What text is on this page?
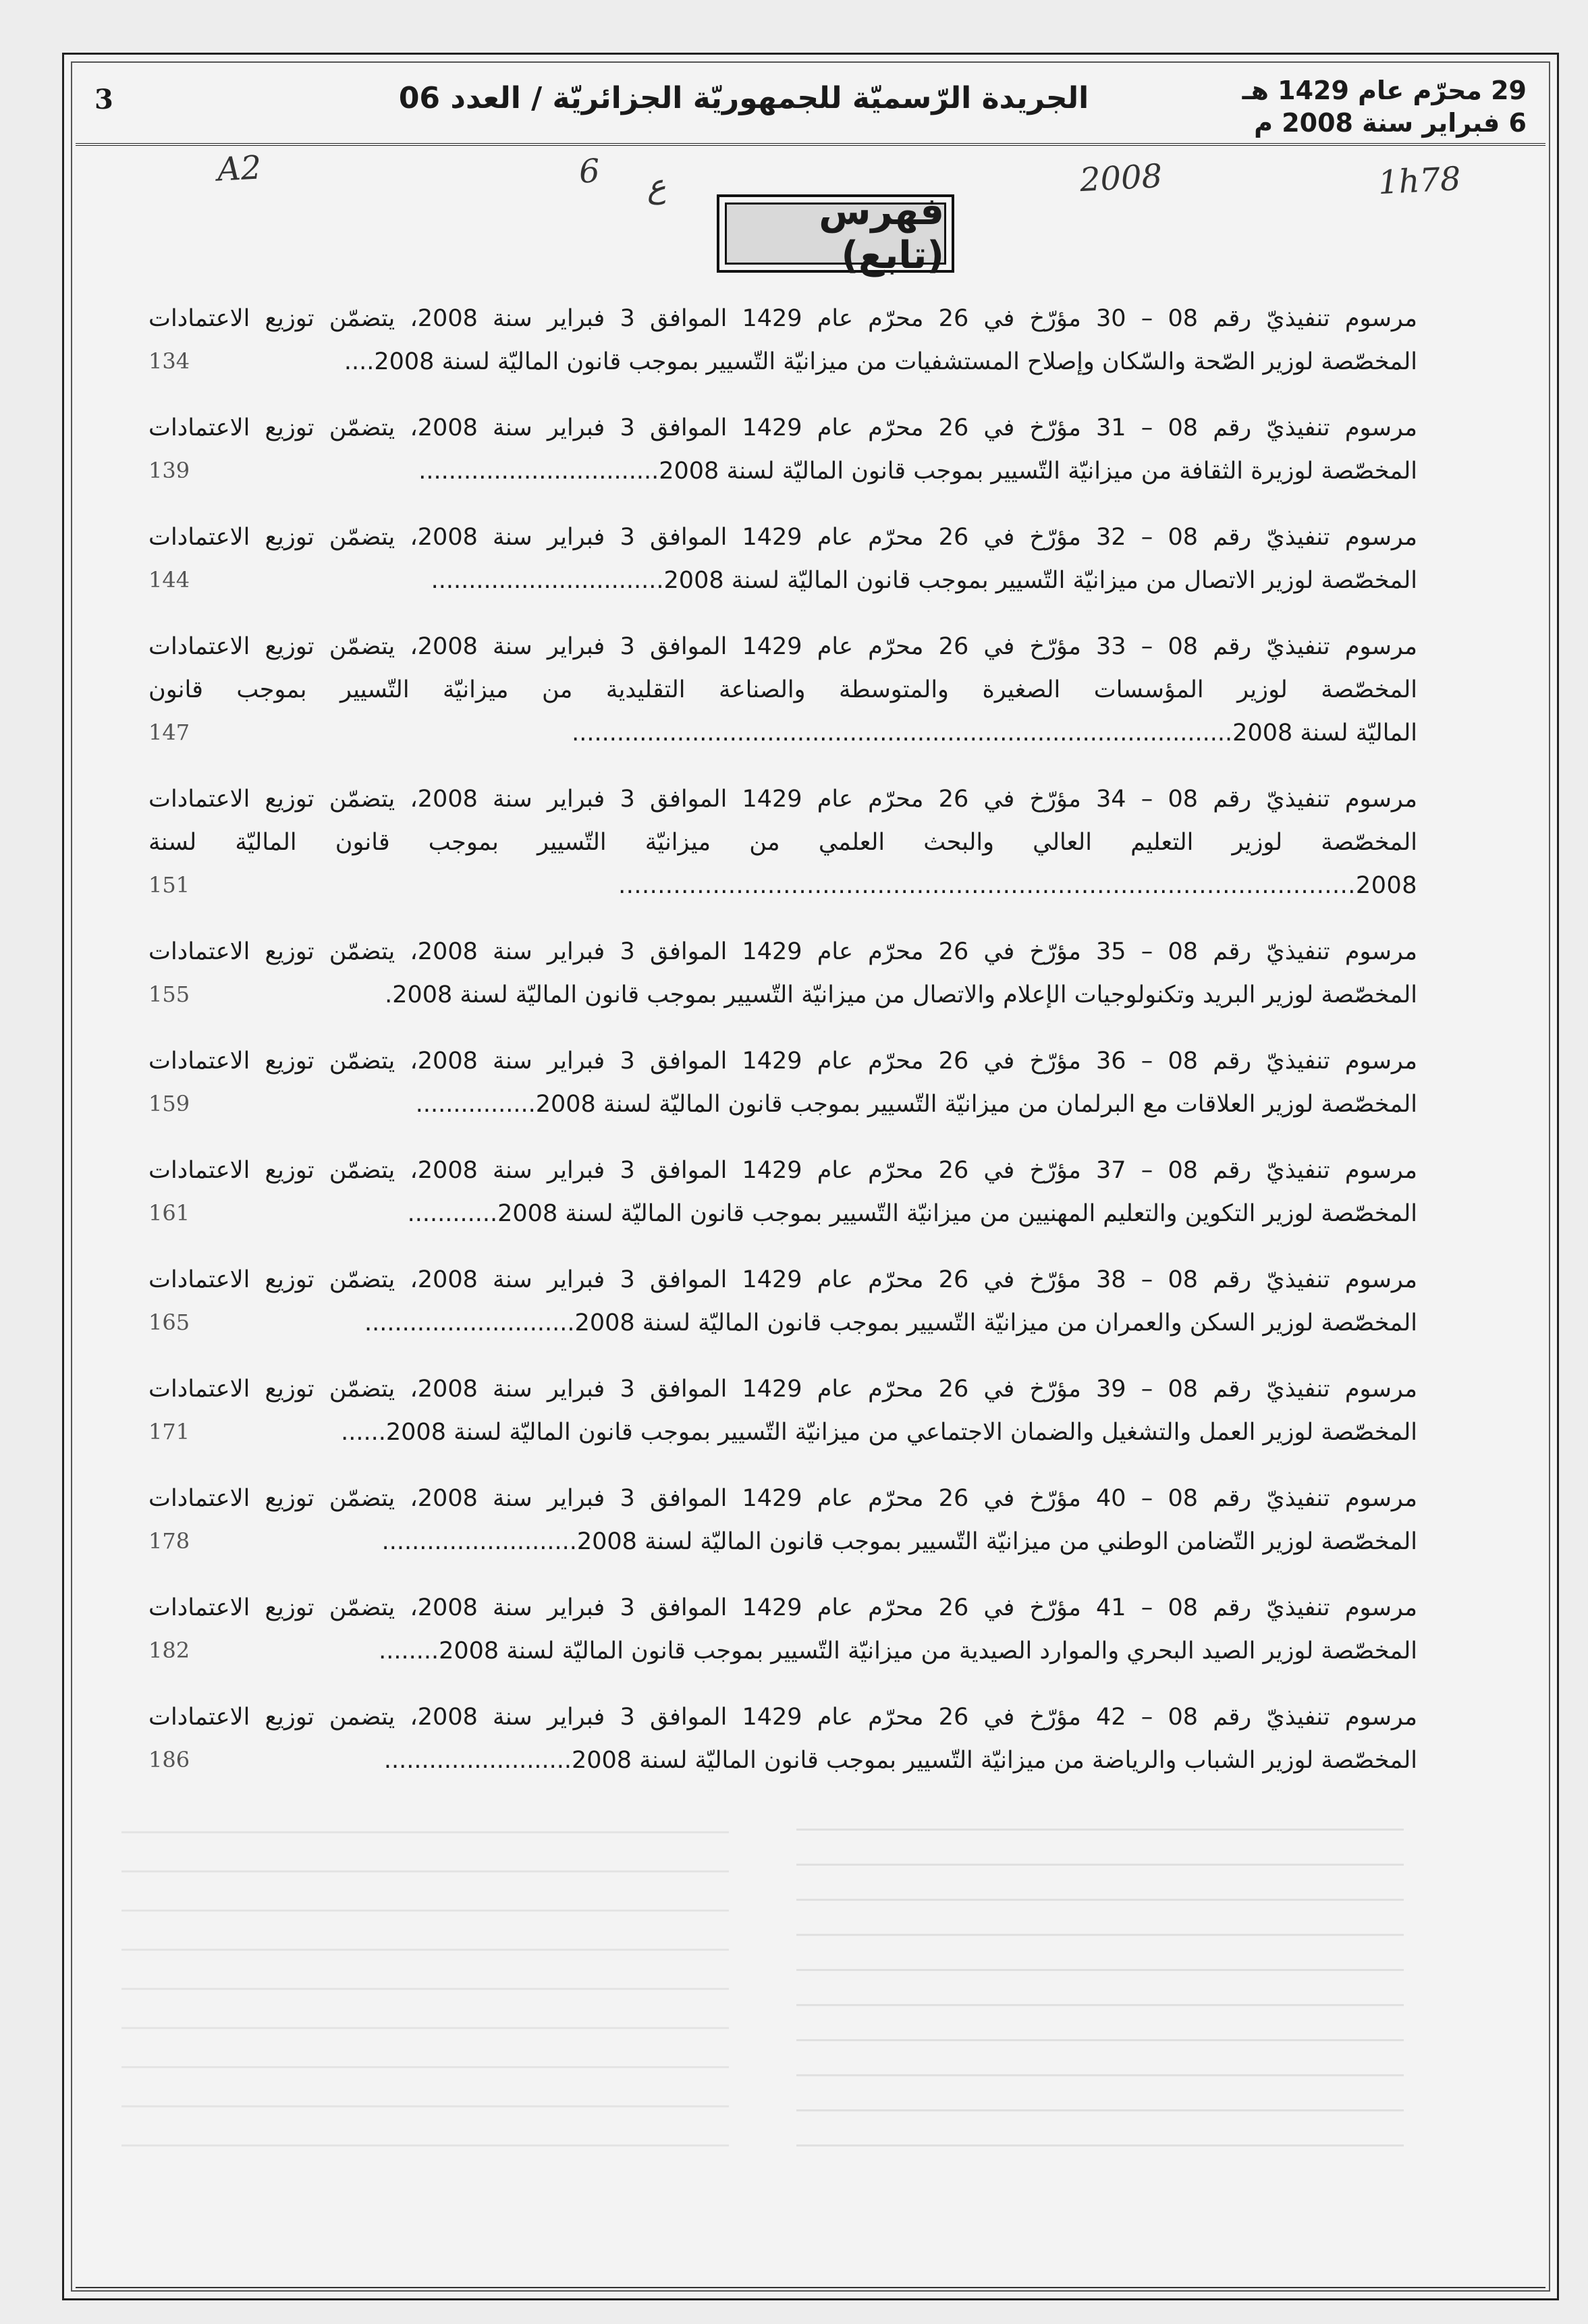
3	الجريدة الرّسميّة للجمهوريّة الجزائريّة / العدد 06	29 محرّم عام 1429 هـ
6 فبراير سنة 2008 م
A2	6 ع	2008	1h78
فهرس (تابع)
مرسوم تنفيذيّ رقم 08 – 30 مؤرّخ في 26 محرّم عام 1429 الموافق 3 فبراير سنة 2008، يتضمّن توزيع الاعتمادات
المخصّصة لوزير الصّحة والسّكان وإصلاح المستشفيات من ميزانيّة التّسيير بموجب قانون الماليّة لسنة 2008....
134
مرسوم تنفيذيّ رقم 08 – 31 مؤرّخ في 26 محرّم عام 1429 الموافق 3 فبراير سنة 2008، يتضمّن توزيع الاعتمادات
المخصّصة لوزيرة الثقافة من ميزانيّة التّسيير بموجب قانون الماليّة لسنة 2008................................
139
مرسوم تنفيذيّ رقم 08 – 32 مؤرّخ في 26 محرّم عام 1429 الموافق 3 فبراير سنة 2008، يتضمّن توزيع الاعتمادات
المخصّصة لوزير الاتصال من ميزانيّة التّسيير بموجب قانون الماليّة لسنة 2008...............................
144
مرسوم تنفيذيّ رقم 08 – 33 مؤرّخ في 26 محرّم عام 1429 الموافق 3 فبراير سنة 2008، يتضمّن توزيع الاعتمادات
المخصّصة لوزير المؤسسات الصغيرة والمتوسطة والصناعة التقليدية من ميزانيّة التّسيير بموجب قانون
الماليّة لسنة 2008........................................................................................
147
مرسوم تنفيذيّ رقم 08 – 34 مؤرّخ في 26 محرّم عام 1429 الموافق 3 فبراير سنة 2008، يتضمّن توزيع الاعتمادات
المخصّصة لوزير التعليم العالي والبحث العلمي من ميزانيّة التّسيير بموجب قانون الماليّة لسنة
2008..............................................................................................
151
مرسوم تنفيذيّ رقم 08 – 35 مؤرّخ في 26 محرّم عام 1429 الموافق 3 فبراير سنة 2008، يتضمّن توزيع الاعتمادات
المخصّصة لوزير البريد وتكنولوجيات الإعلام والاتصال من ميزانيّة التّسيير بموجب قانون الماليّة لسنة 2008.
155
مرسوم تنفيذيّ رقم 08 – 36 مؤرّخ في 26 محرّم عام 1429 الموافق 3 فبراير سنة 2008، يتضمّن توزيع الاعتمادات
المخصّصة لوزير العلاقات مع البرلمان من ميزانيّة التّسيير بموجب قانون الماليّة لسنة 2008................
159
مرسوم تنفيذيّ رقم 08 – 37 مؤرّخ في 26 محرّم عام 1429 الموافق 3 فبراير سنة 2008، يتضمّن توزيع الاعتمادات
المخصّصة لوزير التكوين والتعليم المهنيين من ميزانيّة التّسيير بموجب قانون الماليّة لسنة 2008............
161
مرسوم تنفيذيّ رقم 08 – 38 مؤرّخ في 26 محرّم عام 1429 الموافق 3 فبراير سنة 2008، يتضمّن توزيع الاعتمادات
المخصّصة لوزير السكن والعمران من ميزانيّة التّسيير بموجب قانون الماليّة لسنة 2008............................
165
مرسوم تنفيذيّ رقم 08 – 39 مؤرّخ في 26 محرّم عام 1429 الموافق 3 فبراير سنة 2008، يتضمّن توزيع الاعتمادات
المخصّصة لوزير العمل والتشغيل والضمان الاجتماعي من ميزانيّة التّسيير بموجب قانون الماليّة لسنة 2008......
171
مرسوم تنفيذيّ رقم 08 – 40 مؤرّخ في 26 محرّم عام 1429 الموافق 3 فبراير سنة 2008، يتضمّن توزيع الاعتمادات
المخصّصة لوزير التّضامن الوطني من ميزانيّة التّسيير بموجب قانون الماليّة لسنة 2008..........................
178
مرسوم تنفيذيّ رقم 08 – 41 مؤرّخ في 26 محرّم عام 1429 الموافق 3 فبراير سنة 2008، يتضمّن توزيع الاعتمادات
المخصّصة لوزير الصيد البحري والموارد الصيدية من ميزانيّة التّسيير بموجب قانون الماليّة لسنة 2008........
182
مرسوم تنفيذيّ رقم 08 – 42 مؤرّخ في 26 محرّم عام 1429 الموافق 3 فبراير سنة 2008، يتضمن توزيع الاعتمادات
المخصّصة لوزير الشباب والرياضة من ميزانيّة التّسيير بموجب قانون الماليّة لسنة 2008.........................
186
